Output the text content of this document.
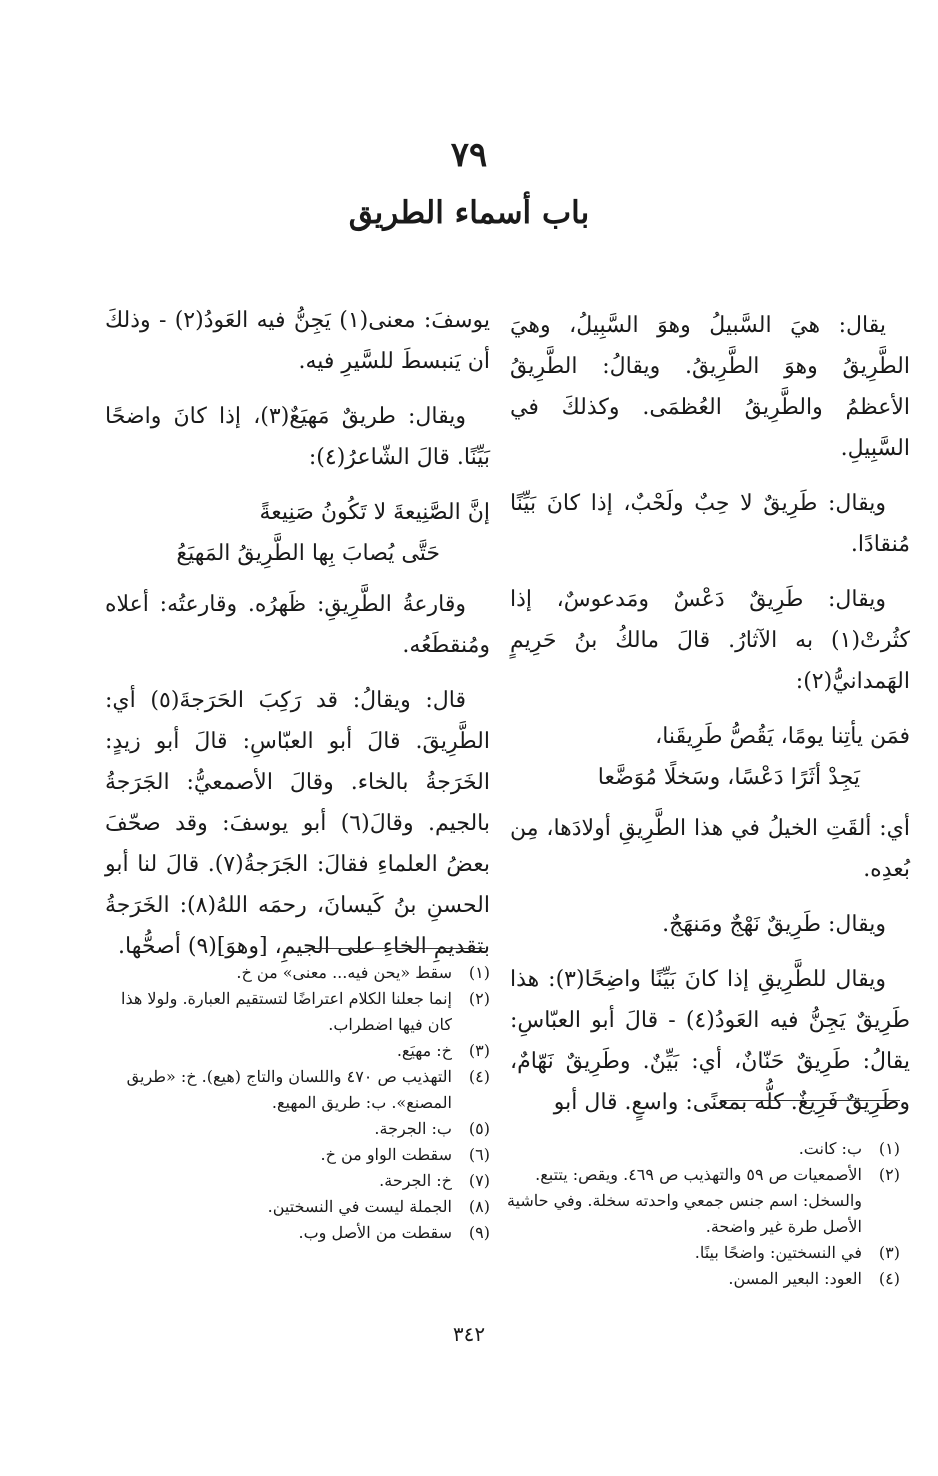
٧٩
باب أسماء الطريق

يقال: هيَ السَّبيلُ وهوَ السَّبِيلُ، وهيَ الطَّرِيقُ وهوَ الطَّرِيقُ. ويقالُ: الطَّرِيقُ الأعظمُ والطَّرِيقُ العُظمَى. وكذلكَ في السَّبِيلِ.

ويقال: طَرِيقٌ لا حِبٌ ولَحْبٌ، إذا كانَ بَيِّنًا مُنقادًا.

ويقال: طَرِيقٌ دَعْسٌ ومَدعوسٌ، إذا كثُرتْ(١) به الآثارُ. قالَ مالكُ بنُ حَرِيمٍ الهَمدانيُّ(٢):

فمَن يأتِنا يومًا، يَقُصُّ طَرِيقَنا،
يَجِدْ أثَرًا دَعْسًا، وسَخلًا مُوَضَّعا

أي: ألقَتِ الخيلُ في هذا الطَّرِيقِ أولادَها، مِن بُعدِه.

ويقال: طَرِيقٌ نَهْجٌ ومَنهَجٌ.

ويقال للطَّرِيقِ إذا كانَ بَيِّنًا واضِحًا(٣): هذا طَرِيقٌ يَجِنُّ فيه العَودُ(٤) - قالَ أبو العبّاسِ: يقالُ: طَرِيقٌ حَنّانٌ، أي: بَيِّنٌ. وطَرِيقٌ نَهّامٌ، وطَرِيقٌ فَرِيغٌ. كلُّه بمعنًى: واسعٍ. قال أبو

(١)
ب: كانت.
(٢)
الأصمعيات ص ٥٩ والتهذيب ص ٤٦٩. ويقص: يتتبع. والسخل: اسم جنس جمعي واحدته سخلة. وفي حاشية الأصل طرة غير واضحة.
(٣)
في النسختين: واضحًا بينًا.
(٤)
العود: البعير المسن.

يوسفَ: معنى(١) يَجِنُّ فيه العَودُ(٢) - وذلكَ أن يَنبسطَ للسَّيرِ فيه.

ويقال: طريقٌ مَهيَعٌ(٣)، إذا كانَ واضحًا بَيِّنًا. قالَ الشّاعرُ(٤):

إنَّ الصَّنِيعةَ لا تَكُونُ صَنِيعةً
حَتَّى يُصابَ بِها الطَّرِيقُ المَهيَعُ

وقارعةُ الطَّرِيقِ: ظَهرُه. وقارعتُه: أعلاه ومُنقطَعُه.

قال: ويقالُ: قد رَكِبَ الحَرَجةَ(٥) أي: الطَّرِيقَ. قالَ أبو العبّاسِ: قالَ أبو زيدٍ: الخَرَجةُ بالخاء. وقالَ الأصمعيُّ: الجَرَجةُ بالجيم. وقالَ(٦) أبو يوسفَ: وقد صحّفَ بعضُ العلماءِ فقالَ: الجَرَجةُ(٧). قالَ لنا أبو الحسنِ بنُ كَيسانَ، رحمَه اللهُ(٨): الخَرَجةُ بتقديمِ الخاءِ على الجيمِ، [وهوَ](٩) أصحُّها.

(١)
سقط «يحن فيه... معنى» من خ.
(٢)
إنما جعلنا الكلام اعتراضًا لتستقيم العبارة. ولولا هذا كان فيها اضطراب.
(٣)
خ: مهيَع.
(٤)
التهذيب ص ٤٧٠ واللسان والتاج (هيع). خ: «طريق المصنع». ب: طريق المهيع.
(٥)
ب: الجرجة.
(٦)
سقطت الواو من خ.
(٧)
خ: الجرحة.
(٨)
الجملة ليست في النسختين.
(٩)
سقطت من الأصل وب.
٣٤٢
